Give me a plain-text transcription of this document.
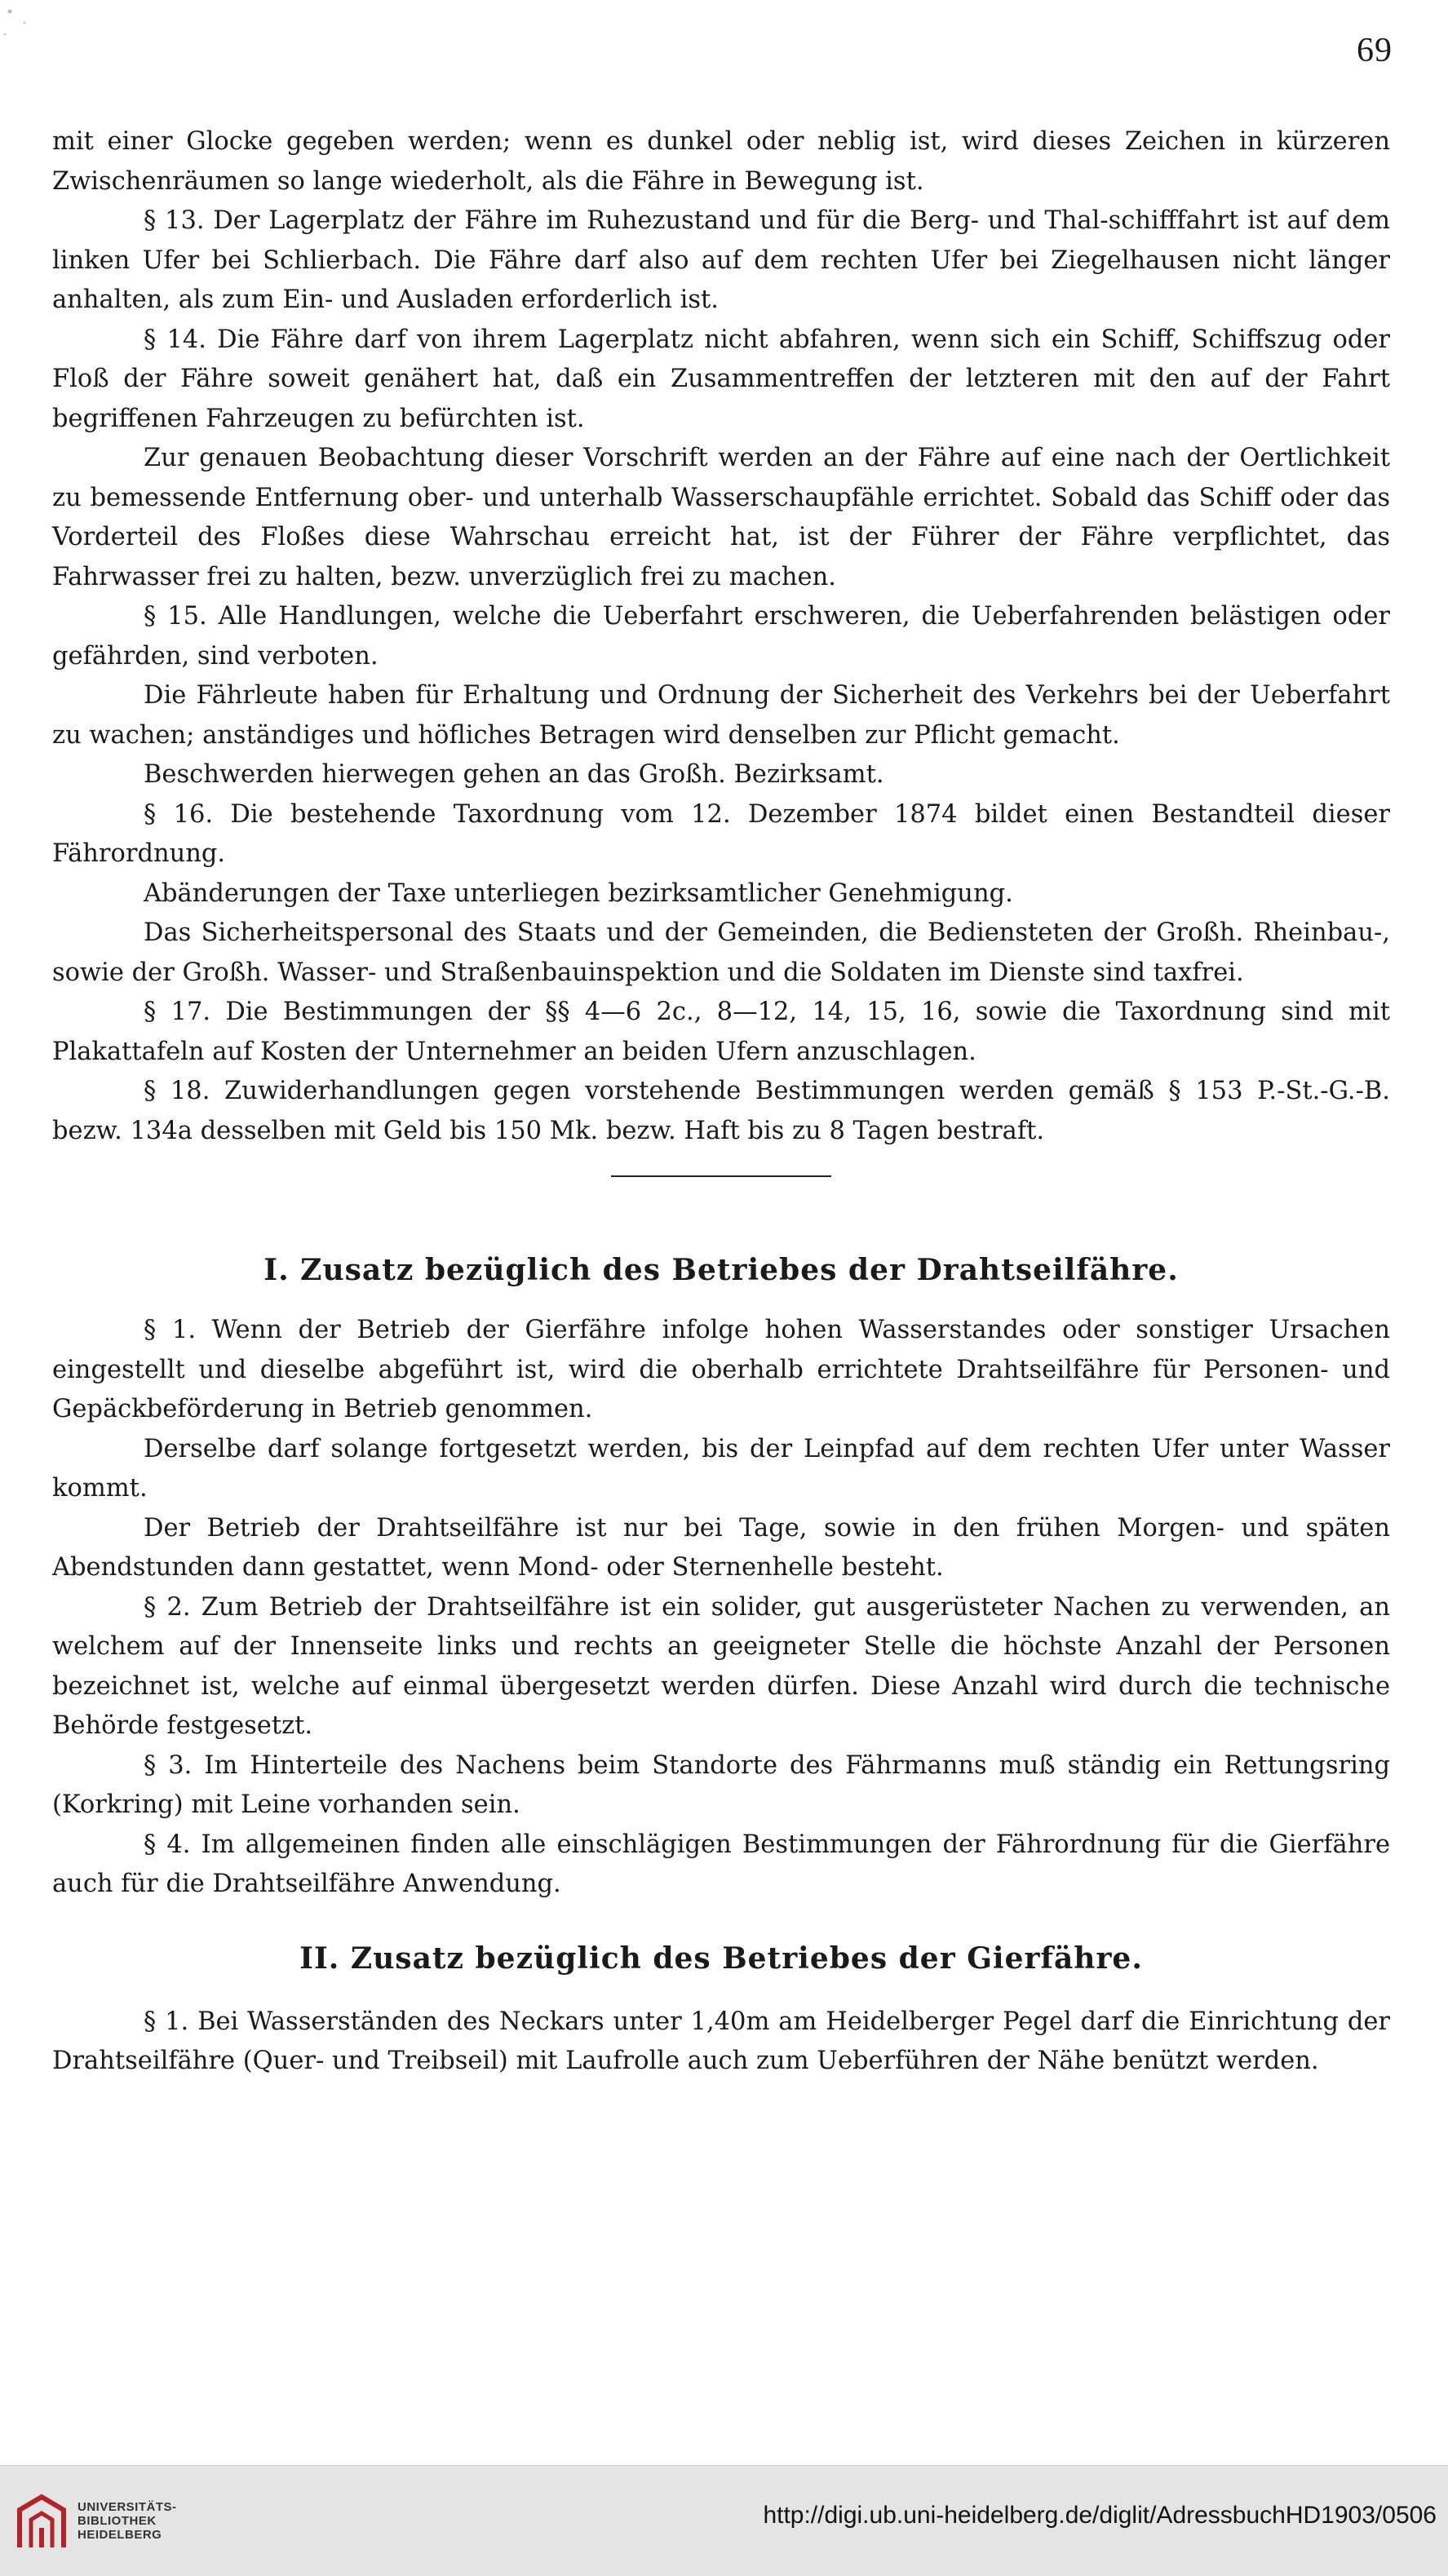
69

mit einer Glocke gegeben werden; wenn es dunkel oder neblig ist, wird dieses Zeichen in kürzeren Zwischenräumen so lange wiederholt, als die Fähre in Bewegung ist.

§ 13. Der Lagerplatz der Fähre im Ruhezustand und für die Berg- und Thal-schifffahrt ist auf dem linken Ufer bei Schlierbach. Die Fähre darf also auf dem rechten Ufer bei Ziegelhausen nicht länger anhalten, als zum Ein- und Ausladen erforderlich ist.

§ 14. Die Fähre darf von ihrem Lagerplatz nicht abfahren, wenn sich ein Schiff, Schiffszug oder Floß der Fähre soweit genähert hat, daß ein Zusammentreffen der letzteren mit den auf der Fahrt begriffenen Fahrzeugen zu befürchten ist.

Zur genauen Beobachtung dieser Vorschrift werden an der Fähre auf eine nach der Oertlichkeit zu bemessende Entfernung ober- und unterhalb Wasserschaupfähle errichtet. Sobald das Schiff oder das Vorderteil des Floßes diese Wahrschau erreicht hat, ist der Führer der Fähre verpflichtet, das Fahrwasser frei zu halten, bezw. unverzüglich frei zu machen.

§ 15. Alle Handlungen, welche die Ueberfahrt erschweren, die Ueberfahrenden belästigen oder gefährden, sind verboten.

Die Fährleute haben für Erhaltung und Ordnung der Sicherheit des Verkehrs bei der Ueberfahrt zu wachen; anständiges und höfliches Betragen wird denselben zur Pflicht gemacht.

Beschwerden hierwegen gehen an das Großh. Bezirksamt.

§ 16. Die bestehende Taxordnung vom 12. Dezember 1874 bildet einen Bestandteil dieser Fährordnung.

Abänderungen der Taxe unterliegen bezirksamtlicher Genehmigung.

Das Sicherheitspersonal des Staats und der Gemeinden, die Bediensteten der Großh. Rheinbau-, sowie der Großh. Wasser- und Straßenbauinspektion und die Soldaten im Dienste sind taxfrei.

§ 17. Die Bestimmungen der §§ 4—6 2c., 8—12, 14, 15, 16, sowie die Taxordnung sind mit Plakattafeln auf Kosten der Unternehmer an beiden Ufern anzuschlagen.

§ 18. Zuwiderhandlungen gegen vorstehende Bestimmungen werden gemäß § 153 P.-St.-G.-B. bezw. 134a desselben mit Geld bis 150 Mk. bezw. Haft bis zu 8 Tagen bestraft.

I. Zusatz bezüglich des Betriebes der Drahtseilfähre.

§ 1. Wenn der Betrieb der Gierfähre infolge hohen Wasserstandes oder sonstiger Ursachen eingestellt und dieselbe abgeführt ist, wird die oberhalb errichtete Drahtseilfähre für Personen- und Gepäckbeförderung in Betrieb genommen.

Derselbe darf solange fortgesetzt werden, bis der Leinpfad auf dem rechten Ufer unter Wasser kommt.

Der Betrieb der Drahtseilfähre ist nur bei Tage, sowie in den frühen Morgen- und späten Abendstunden dann gestattet, wenn Mond- oder Sternenhelle besteht.

§ 2. Zum Betrieb der Drahtseilfähre ist ein solider, gut ausgerüsteter Nachen zu verwenden, an welchem auf der Innenseite links und rechts an geeigneter Stelle die höchste Anzahl der Personen bezeichnet ist, welche auf einmal übergesetzt werden dürfen. Diese Anzahl wird durch die technische Behörde festgesetzt.

§ 3. Im Hinterteile des Nachens beim Standorte des Fährmanns muß ständig ein Rettungsring (Korkring) mit Leine vorhanden sein.

§ 4. Im allgemeinen finden alle einschlägigen Bestimmungen der Fährordnung für die Gierfähre auch für die Drahtseilfähre Anwendung.

II. Zusatz bezüglich des Betriebes der Gierfähre.

§ 1. Bei Wasserständen des Neckars unter 1,40m am Heidelberger Pegel darf die Einrichtung der Drahtseilfähre (Quer- und Treibseil) mit Laufrolle auch zum Ueberführen der Nähe benützt werden.

UNIVERSITÄTS-
BIBLIOTHEK
HEIDELBERG
http://digi.ub.uni-heidelberg.de/diglit/AdressbuchHD1903/0506
